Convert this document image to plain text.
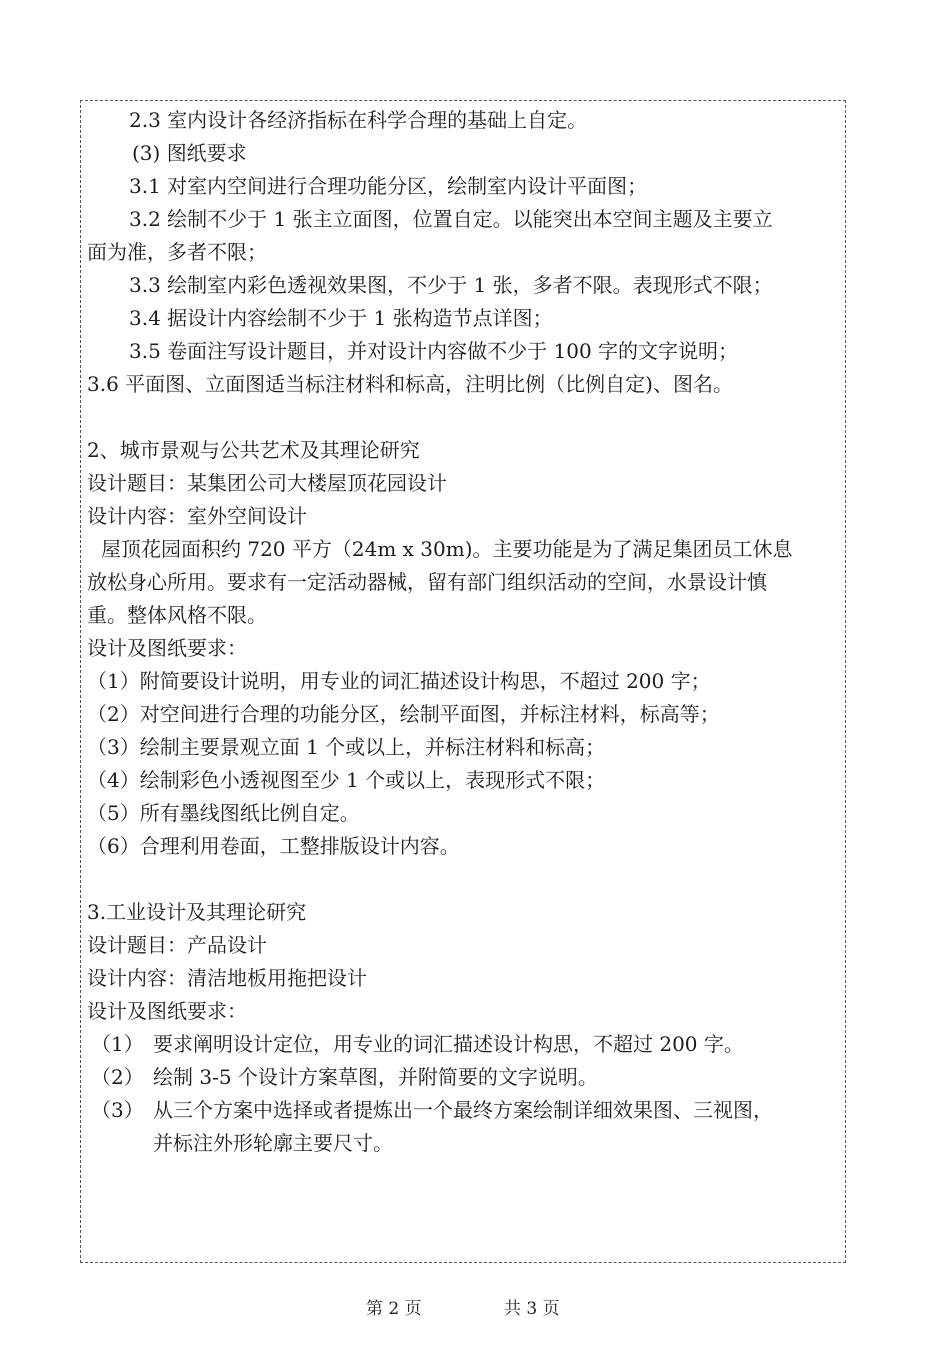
2.3 室内设计各经济指标在科学合理的基础上自定。

(3) 图纸要求

3.1 对室内空间进行合理功能分区，绘制室内设计平面图；

3.2 绘制不少于 1 张主立面图，位置自定。以能突出本空间主题及主要立

面为准，多者不限；

3.3 绘制室内彩色透视效果图，不少于 1 张，多者不限。表现形式不限；

3.4 据设计内容绘制不少于 1 张构造节点详图；

3.5 卷面注写设计题目，并对设计内容做不少于 100 字的文字说明；

3.6 平面图、立面图适当标注材料和标高，注明比例（比例自定)、图名。

2、城市景观与公共艺术及其理论研究

设计题目：某集团公司大楼屋顶花园设计

设计内容：室外空间设计

屋顶花园面积约 720 平方（24m x 30m)。主要功能是为了满足集团员工休息

放松身心所用。要求有一定活动器械，留有部门组织活动的空间，水景设计慎

重。整体风格不限。

设计及图纸要求：

（1）附简要设计说明，用专业的词汇描述设计构思，不超过 200 字；

（2）对空间进行合理的功能分区，绘制平面图，并标注材料，标高等；

（3）绘制主要景观立面 1 个或以上，并标注材料和标高；

（4）绘制彩色小透视图至少 1 个或以上，表现形式不限；

（5）所有墨线图纸比例自定。

（6）合理利用卷面，工整排版设计内容。

3.工业设计及其理论研究

设计题目：产品设计

设计内容：清洁地板用拖把设计

设计及图纸要求：

（1） 要求阐明设计定位，用专业的词汇描述设计构思，不超过 200 字。

（2） 绘制 3-5 个设计方案草图，并附简要的文字说明。

（3） 从三个方案中选择或者提炼出一个最终方案绘制详细效果图、三视图，

并标注外形轮廓主要尺寸。

第 2 页	共 3 页
